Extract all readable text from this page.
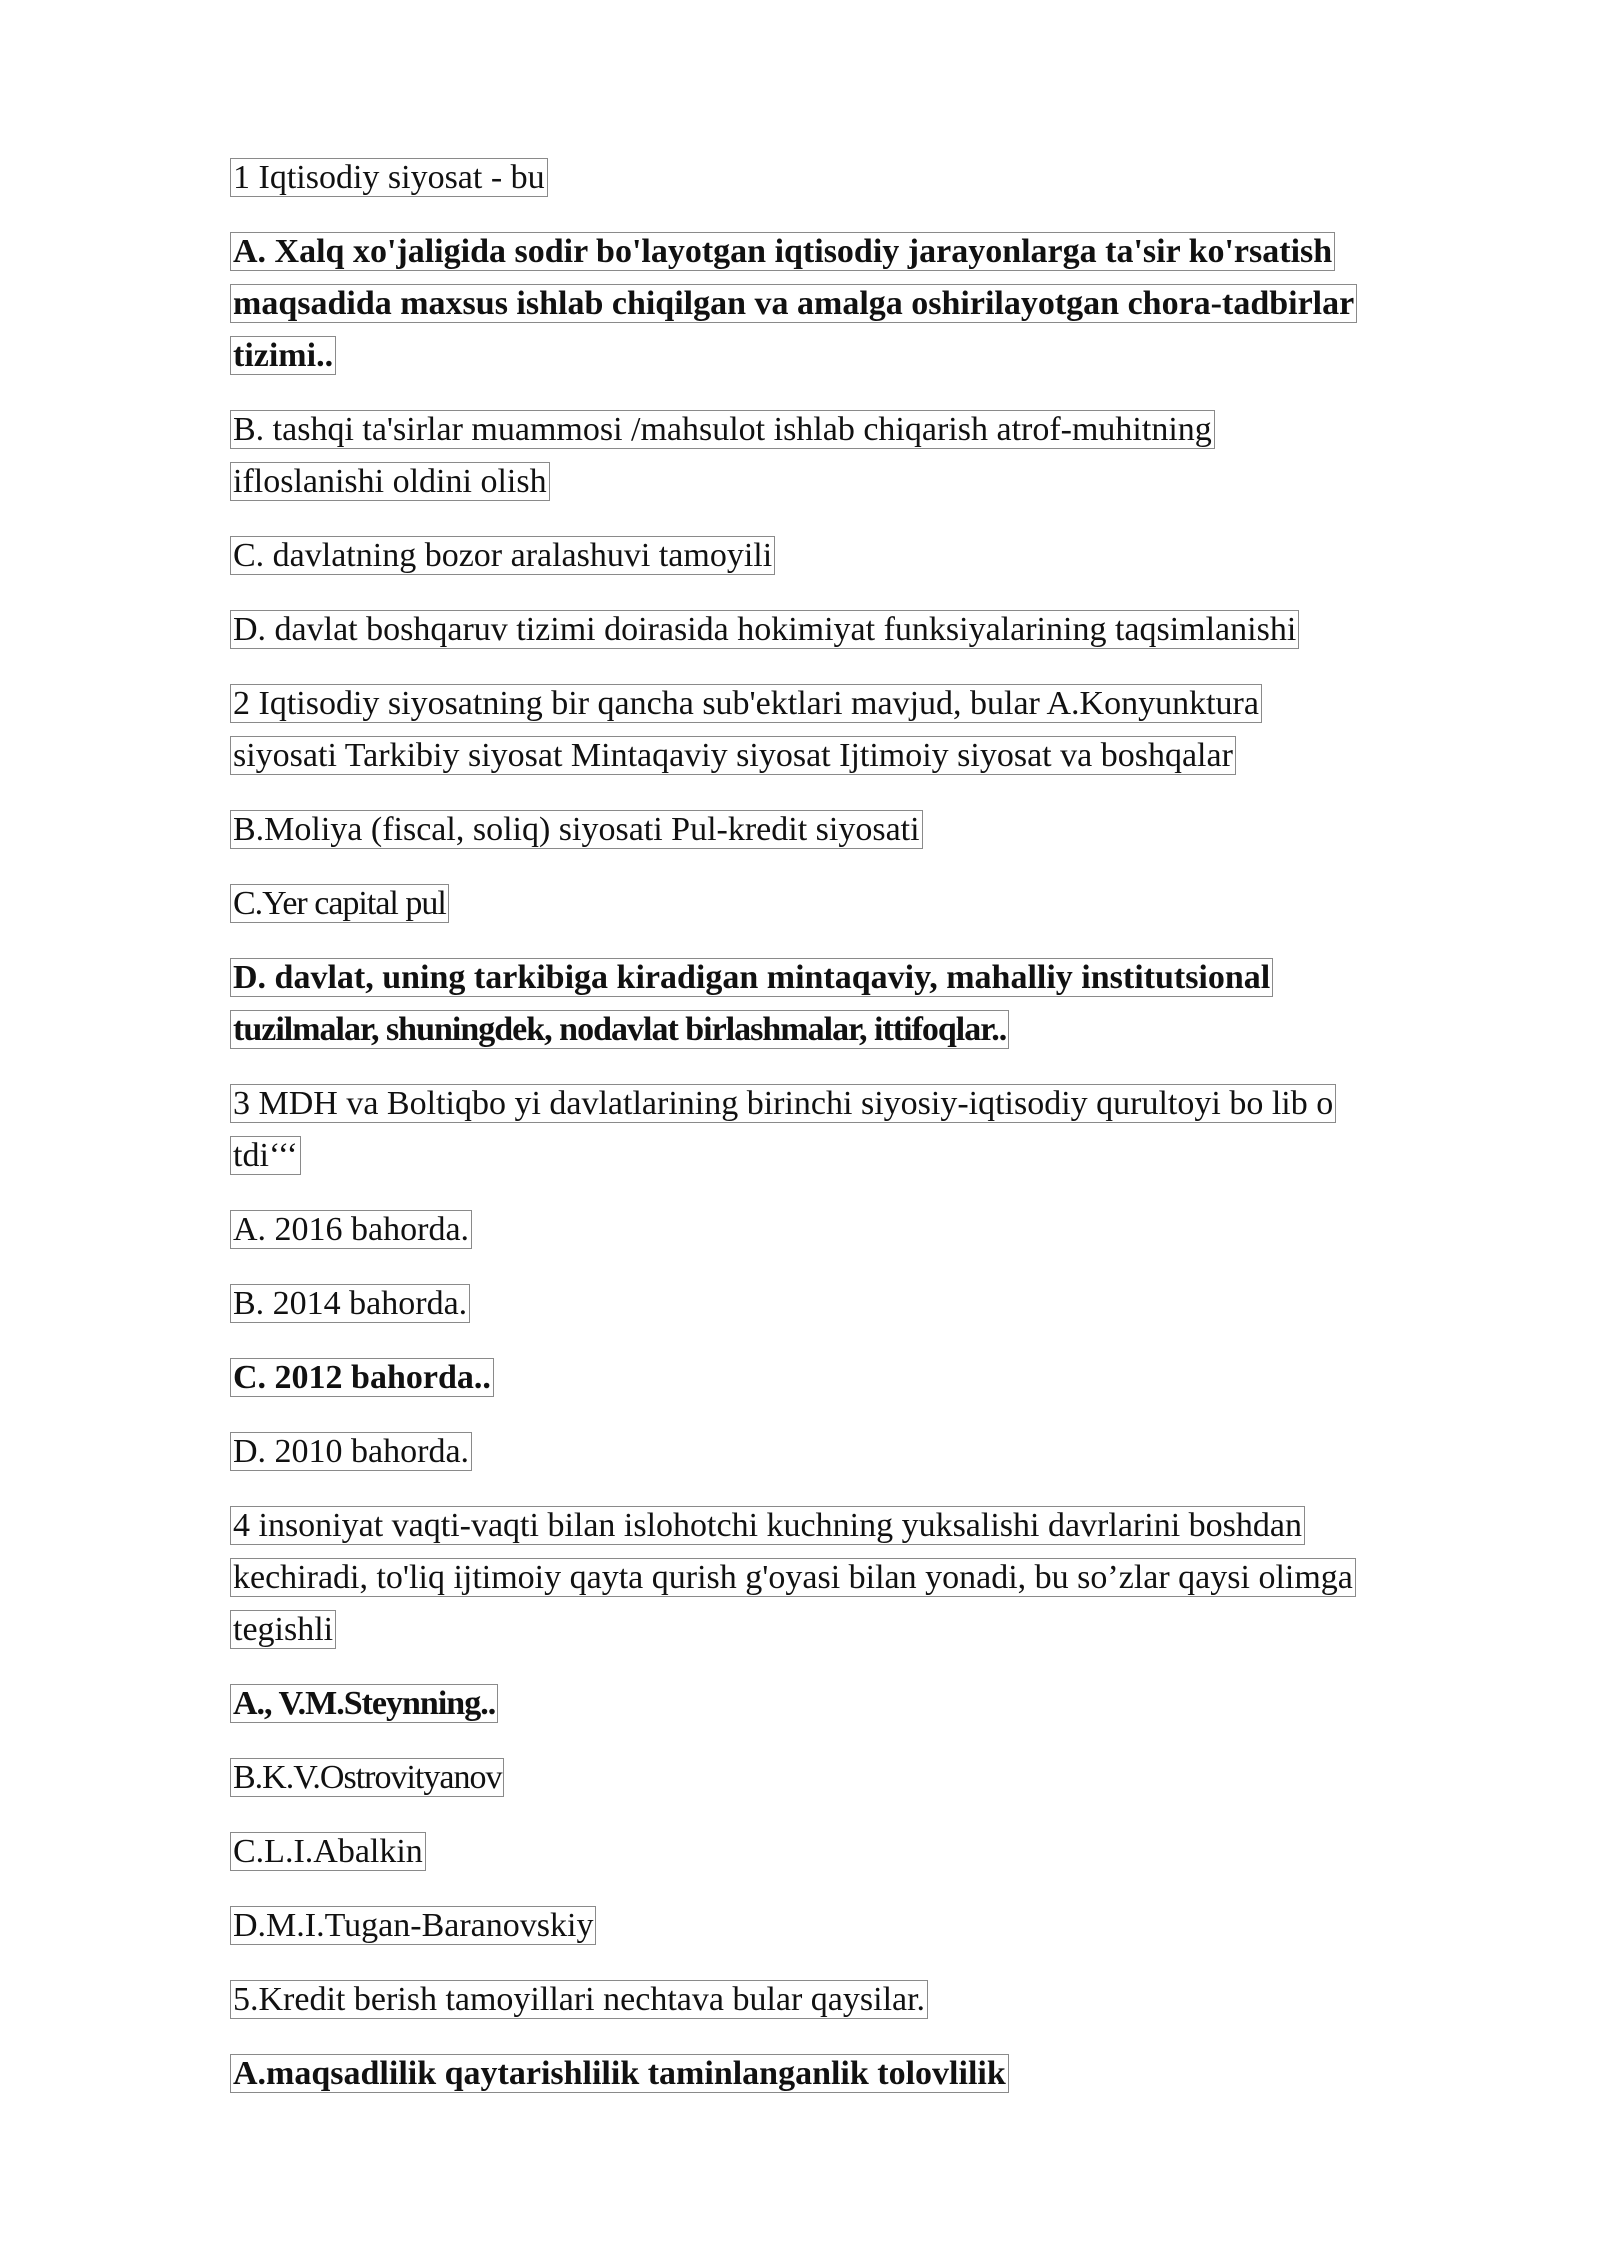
1 Iqtisodiy siyosat - bu
A. Xalq xo'jaligida sodir bo'layotgan iqtisodiy jarayonlarga ta'sir ko'rsatish
maqsadida maxsus ishlab chiqilgan va amalga oshirilayotgan chora-tadbirlar
tizimi..
B. tashqi ta'sirlar muammosi /mahsulot ishlab chiqarish atrof-muhitning
ifloslanishi oldini olish
C. davlatning bozor aralashuvi tamoyili
D. davlat boshqaruv tizimi doirasida hokimiyat funksiyalarining taqsimlanishi
2 Iqtisodiy siyosatning bir qancha sub'ektlari mavjud, bular A.Konyunktura
siyosati Tarkibiy siyosat Mintaqaviy siyosat Ijtimoiy siyosat va boshqalar
B.Moliya (fiscal, soliq) siyosati Pul-kredit siyosati
C.Yer capital pul
D. davlat, uning tarkibiga kiradigan mintaqaviy, mahalliy institutsional
tuzilmalar, shuningdek, nodavlat birlashmalar, ittifoqlar..
3 MDH va Boltiqbo yi davlatlarining birinchi siyosiy-iqtisodiy qurultoyi bo lib o
tdi‘‘‘
A. 2016 bahorda.
B. 2014 bahorda.
C. 2012 bahorda..
D. 2010 bahorda.
4 insoniyat vaqti-vaqti bilan islohotchi kuchning yuksalishi davrlarini boshdan
kechiradi, to'liq ijtimoiy qayta qurish g'oyasi bilan yonadi, bu so’zlar qaysi olimga
tegishli
A., V.M.Steynning..
B.K.V.Ostrovityanov
C.L.I.Abalkin
D.M.I.Tugan-Baranovskiy
5.Kredit berish tamoyillari nechtava bular qaysilar.
A.maqsadlilik qaytarishlilik taminlanganlik tolovlilik
